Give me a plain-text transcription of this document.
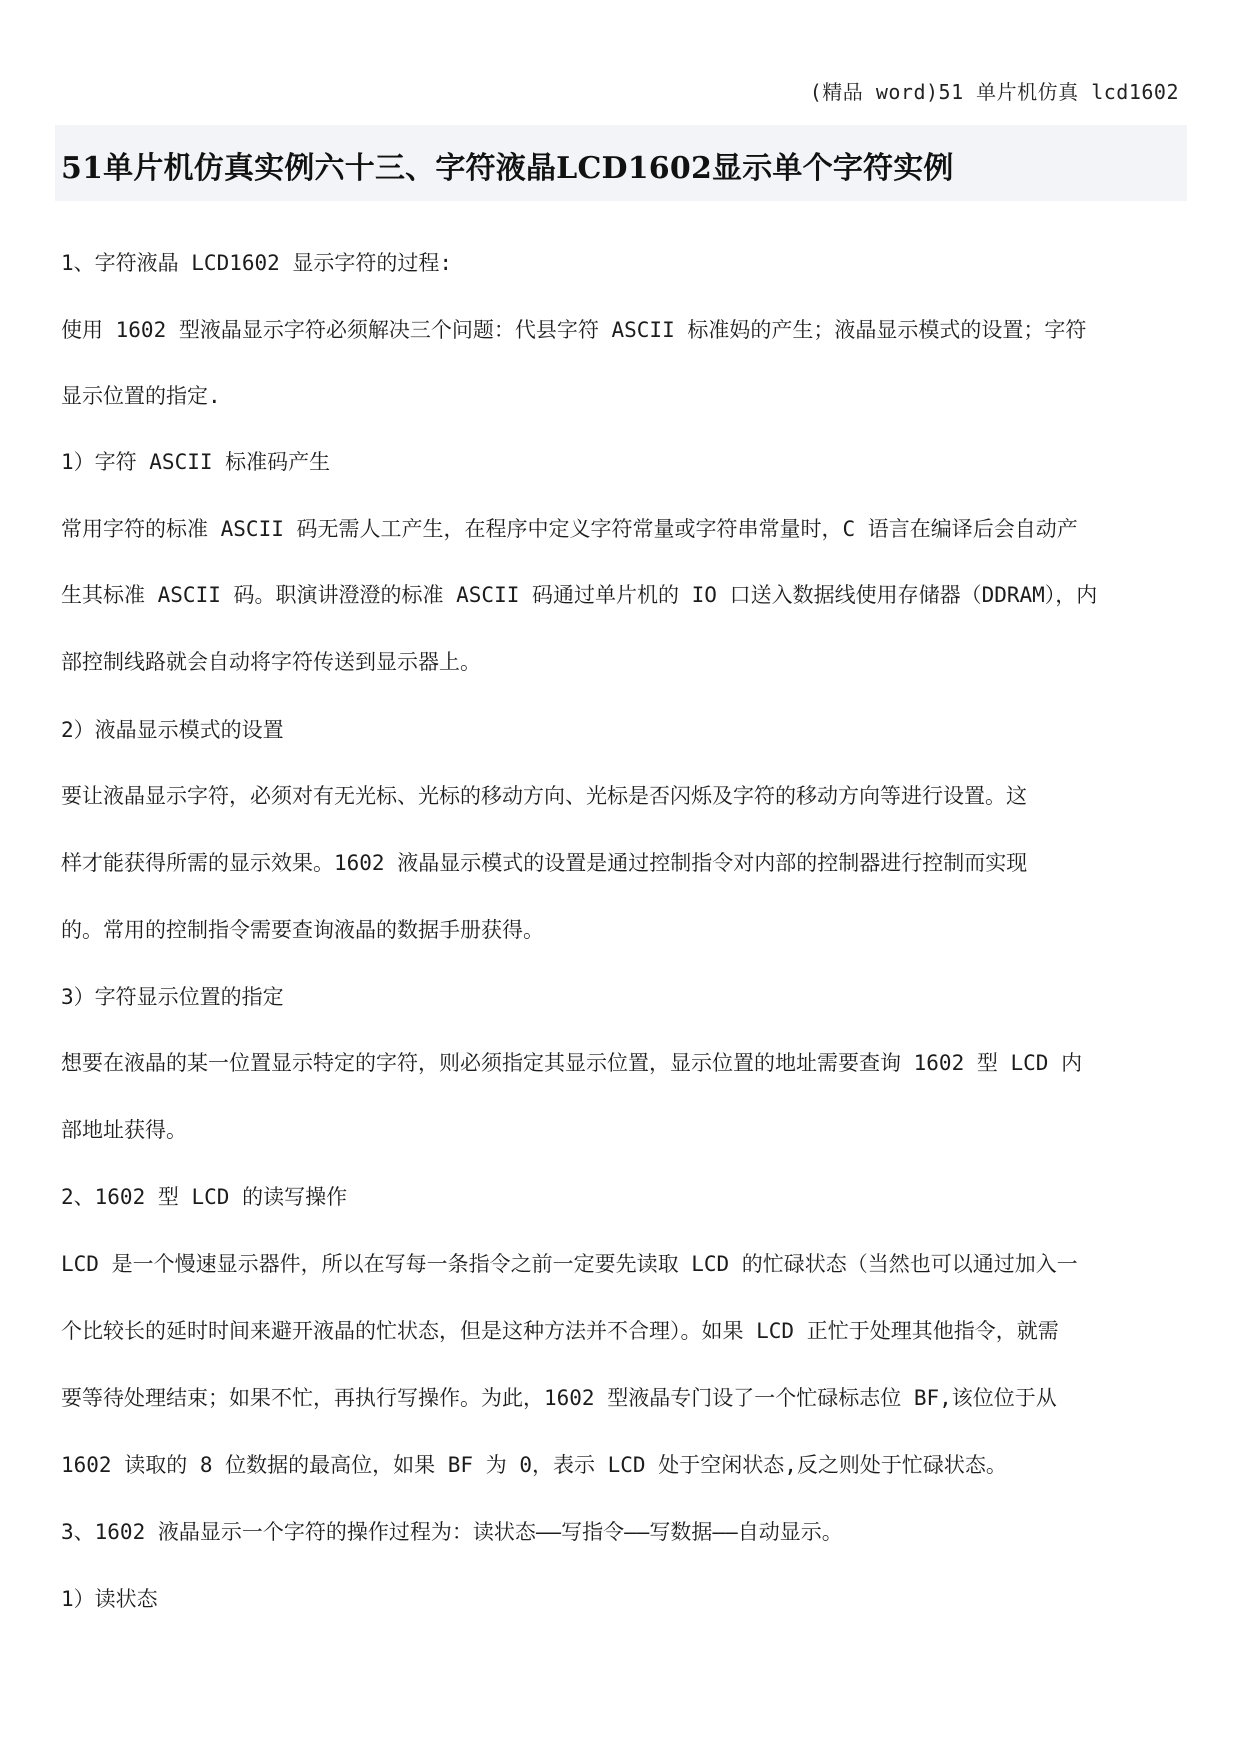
(精品 word)51 单片机仿真 lcd1602
51单片机仿真实例六十三、字符液晶LCD1602显示单个字符实例

1、字符液晶 LCD1602 显示字符的过程:

使用 1602 型液晶显示字符必须解决三个问题：代县字符 ASCII 标准妈的产生；液晶显示模式的设置；字符

显示位置的指定.

1）字符 ASCII 标准码产生

常用字符的标准 ASCII 码无需人工产生，在程序中定义字符常量或字符串常量时，C 语言在编译后会自动产

生其标准 ASCII 码。职演讲澄澄的标准 ASCII 码通过单片机的 IO 口送入数据线使用存储器（DDRAM），内

部控制线路就会自动将字符传送到显示器上。

2）液晶显示模式的设置

要让液晶显示字符，必须对有无光标、光标的移动方向、光标是否闪烁及字符的移动方向等进行设置。这

样才能获得所需的显示效果。1602 液晶显示模式的设置是通过控制指令对内部的控制器进行控制而实现

的。常用的控制指令需要查询液晶的数据手册获得。

3）字符显示位置的指定

想要在液晶的某一位置显示特定的字符，则必须指定其显示位置，显示位置的地址需要查询 1602 型 LCD 内

部地址获得。

2、1602 型 LCD 的读写操作

LCD 是一个慢速显示器件，所以在写每一条指令之前一定要先读取 LCD 的忙碌状态（当然也可以通过加入一

个比较长的延时时间来避开液晶的忙状态，但是这种方法并不合理）。如果 LCD 正忙于处理其他指令，就需

要等待处理结束；如果不忙，再执行写操作。为此，1602 型液晶专门设了一个忙碌标志位 BF,该位位于从

1602 读取的 8 位数据的最高位，如果 BF 为 0，表示 LCD 处于空闲状态,反之则处于忙碌状态。

3、1602 液晶显示一个字符的操作过程为：读状态——写指令——写数据——自动显示。

1）读状态
